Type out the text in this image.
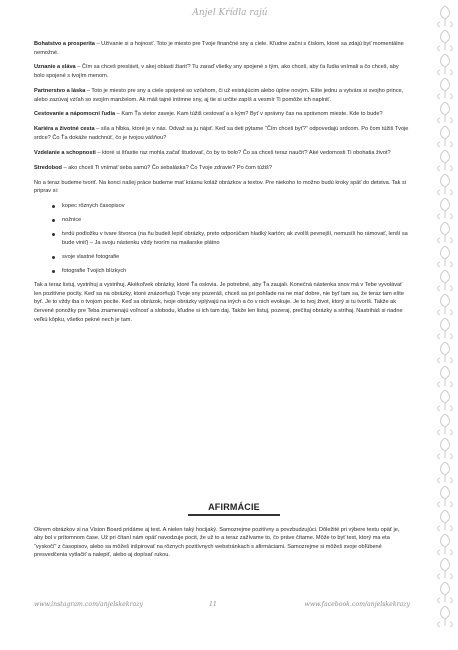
Anjel Kŕídla rajú

Bohatstvo a prosperita – Užívanie si a hojnosť. Toto je miesto pre Tvoje finančné sny a ciele. Kľudne začni s číslom, ktoré sa zdajú byť momentálne nemožné.

Uznanie a sláva – Čím sa chceš preslávit, v akej oblasti žiariť? Tu zaraď všetky sny spojené s tým, ako chceš, aby ťa ľudia vnímali a čo chceš, aby bolo spojené s tvojím menom.

Partnerstvo a láska – Toto je miesto pre sny a ciele spojené so vzťahom, či už existujúcim alebo úplne novým. Ešte jednu a vytvára si svojho prince, alebo zazúvaj vzťah so svojím manželom. Ak máš tajné intímne sny, aj tie si určite zapíš a vesmír Ti pomôže ich naplniť.

Cestovanie a nápomocní ľudia – Kam Ťa vietor zaveje. Kam túžiš cestovať a s kým? Byť v správny čas na správnom mieste. Kde to bude?

Kariéra a životné cesta – síla a hĺbka, ktoré je v nás. Odvaž sa ju nájsť. Keď sa deti pýtame “Čím chceš byť?” odpovedajú srdcom. Po čom túžiš Tvoje srdce? Čo Ťa dokáže nadchnúť, čo je tvojou vášňou?

Vzdelanie a schopnosti – ktoré si šťastie raz mohla začať študovať, čo by to bolo? Čo sa chceš teraz naučiť? Aké vedomosti Ti obohatia život?

Stredobod – ako chceš Ti vnímať seba samú? Čo sebaláska? Čo Tvoje zdravie? Po čom túžiš?

No a teraz budeme tvoriť. Na konci našej práce budeme mať krásnu koláž obrázkov a textov. Pre niekoho to možno budú kroky späť do detstva. Tak si priprav si:

kopec rôznych časopisov
nožnice
tvrdú podložku v tvare štvorca (na ňu budeš lepiť obrázky, preto odporúčam hladký kartón; ak zvolíš pevnejší, nemusíš ho rámovať, lenší sa bude viniť) – Ja svoju nástenku vždy tvorím na mailarske plátno
svoje vlastné fotografie
fotografie Tvojich blízkych

Tak a teraz listuj, vystrihuj a vystrihuj. Akékoľvek obrázky, ktoré Ťa oslovia. Je potrebné, aby Ťa zaujali. Konečná nástenka snov má v Tebe vyvolávať len pozitívne pocity. Keď sa na obrázky, ktoré znázorňujú Tvoje sny pozeráš, chceš sa pri pohľade na ne mať dobre, nie byť tam sa, že teraz tam ešte byť. Je to vždy iba o tvojom pocite. Keď sa obrázok, tvoje obrázky vplývajú na iných a čo v nich evokuje. Je to tvoj život, ktorý si tu tvoríš. Takže ak červené ponožky pre Teba znamenajú voľnosť a slobodu, kľudne si ich tam daj. Takže len listuj, pozeraj, prečítaj obrázky a strihaj. Nastriháš si riadne veľkú kôpku, všetko pekné nech je tam.

AFIRMÁCIE

Okrem obrázkov si na Vision Board pridáme aj text. A nielen taký hocijaký. Samozrejme pozitívny a povzbudzujúci. Dôležité pri výbere textu opäť je, aby bol v prítomnom čase. Už pri čítaní nám opäť navodzuje pocit, že už to a teraz zažívame to, čo práve čítame. Môže to byť text, ktorý ma eta “vyskočí” z časopisov, alebo sa môžeš inšpirovať na rôznych pozitívnych webstránkach s afirmáciami. Samozrejme si môžeš svoje obľúbené presvedčenia vytlačiť a nalepiť, alebo aj dopísať rukou.

www.instagram.com/anjelskekrazy	11	www.facebook.com/anjelskekrazy
